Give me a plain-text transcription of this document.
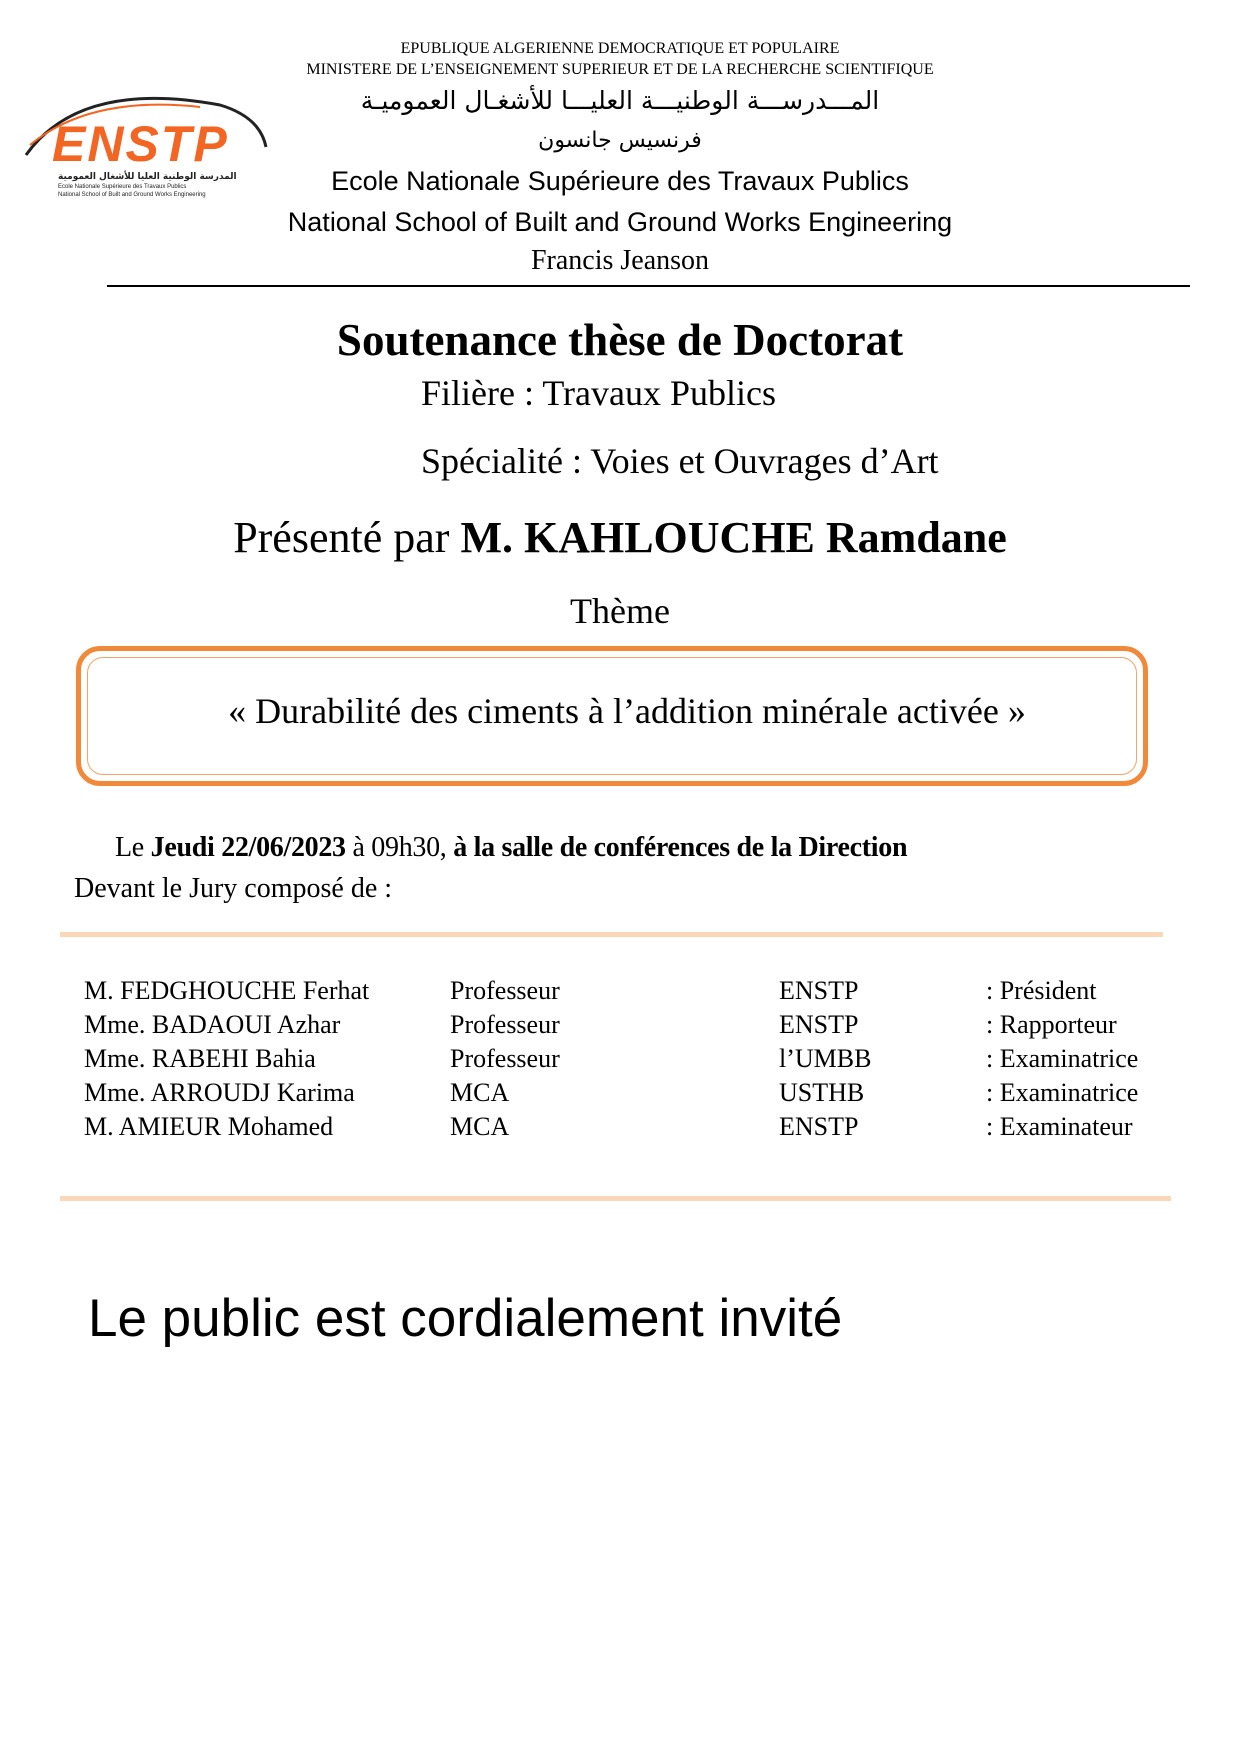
ENSTP
المدرسة الوطنية العليا للأشغال العمومية
Ecole Nationale Supérieure des Travaux Publics
National School of Built and Ground Works Engineering
EPUBLIQUE ALGERIENNE DEMOCRATIQUE ET POPULAIRE
MINISTERE DE L’ENSEIGNEMENT SUPERIEUR ET DE LA RECHERCHE SCIENTIFIQUE
المـــدرســـة الوطنيـــة العليـــا للأشغـال العموميـة
فرنسيس جانسون
Ecole Nationale Supérieure des Travaux Publics
National School of Built and Ground Works Engineering
Francis Jeanson
Soutenance thèse de Doctorat
Filière : Travaux Publics
Spécialité : Voies et Ouvrages d’Art
Présenté par M. KAHLOUCHE Ramdane
Thème
« Durabilité des ciments à l’addition minérale activée »
Le Jeudi 22/06/2023 à 09h30, à la salle de conférences de la Direction
Devant le Jury composé de :
M. FEDGHOUCHE Ferhat	Professeur	ENSTP	: Président
Mme. BADAOUI Azhar	Professeur	ENSTP	: Rapporteur
Mme. RABEHI Bahia	Professeur	l’UMBB	: Examinatrice
Mme. ARROUDJ Karima	MCA	USTHB	: Examinatrice
M. AMIEUR Mohamed	MCA	ENSTP	: Examinateur
Le public est cordialement invité
